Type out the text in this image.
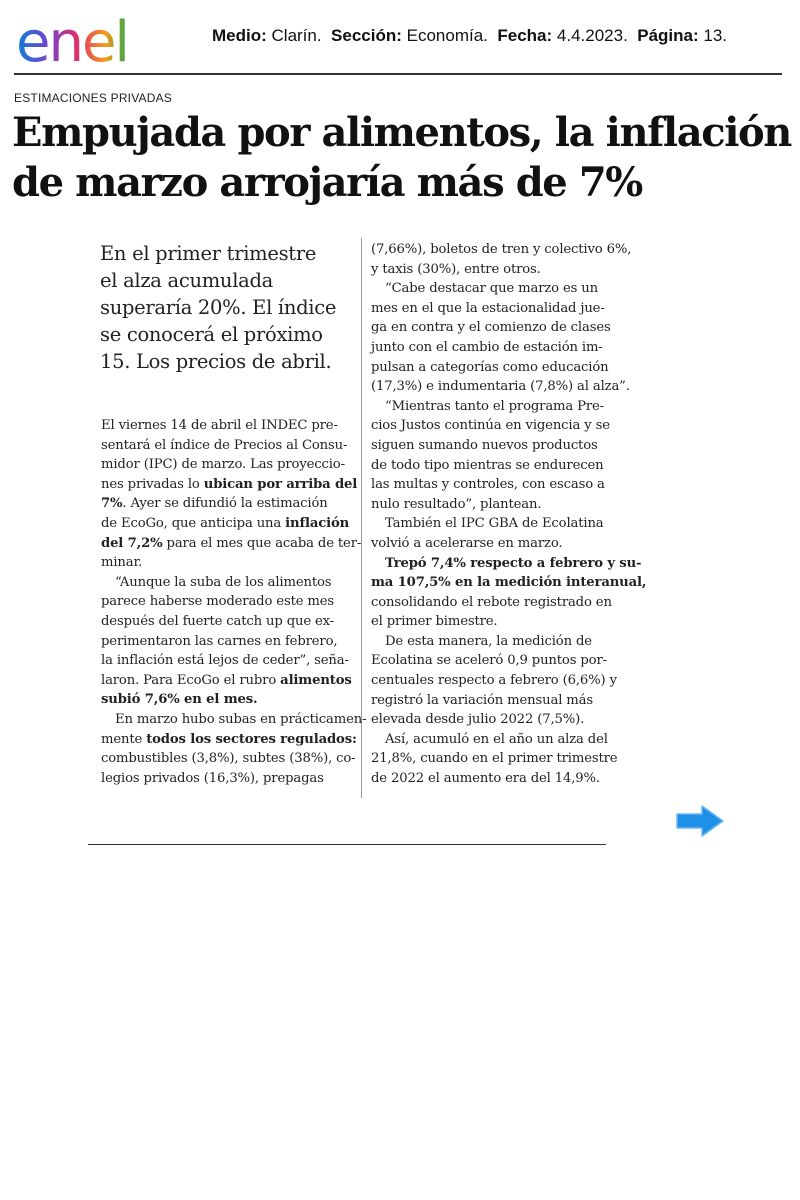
enel	Medio: Clarín. Sección: Economía. Fecha: 4.4.2023. Página: 13.
ESTIMACIONES PRIVADAS
Empujada por alimentos, la inflación
de marzo arrojaría más de 7%
En el primer trimestre
el alza acumulada
superaría 20%. El índice
se conocerá el próximo
15. Los precios de abril.
El viernes 14 de abril el INDEC pre-
sentará el índice de Precios al Consu-
midor (IPC) de marzo. Las proyeccio-
nes privadas lo ubican por arriba del
7%. Ayer se difundió la estimación
de EcoGo, que anticipa una inflación
del 7,2% para el mes que acaba de ter-
minar.
“Aunque la suba de los alimentos
parece haberse moderado este mes
después del fuerte catch up que ex-
perimentaron las carnes en febrero,
la inflación está lejos de ceder”, seña-
laron. Para EcoGo el rubro alimentos
subió 7,6% en el mes.
En marzo hubo subas en prácticamen-
mente todos los sectores regulados:
combustibles (3,8%), subtes (38%), co-
legios privados (16,3%), prepagas
(7,66%), boletos de tren y colectivo 6%,
y taxis (30%), entre otros.
“Cabe destacar que marzo es un
mes en el que la estacionalidad jue-
ga en contra y el comienzo de clases
junto con el cambio de estación im-
pulsan a categorías como educación
(17,3%) e indumentaria (7,8%) al alza”.
“Mientras tanto el programa Pre-
cios Justos continúa en vigencia y se
siguen sumando nuevos productos
de todo tipo mientras se endurecen
las multas y controles, con escaso a
nulo resultado”, plantean.
También el IPC GBA de Ecolatina
volvió a acelerarse en marzo.
Trepó 7,4% respecto a febrero y su-
ma 107,5% en la medición interanual,
consolidando el rebote registrado en
el primer bimestre.
De esta manera, la medición de
Ecolatina se aceleró 0,9 puntos por-
centuales respecto a febrero (6,6%) y
registró la variación mensual más
elevada desde julio 2022 (7,5%).
Así, acumuló en el año un alza del
21,8%, cuando en el primer trimestre
de 2022 el aumento era del 14,9%.
